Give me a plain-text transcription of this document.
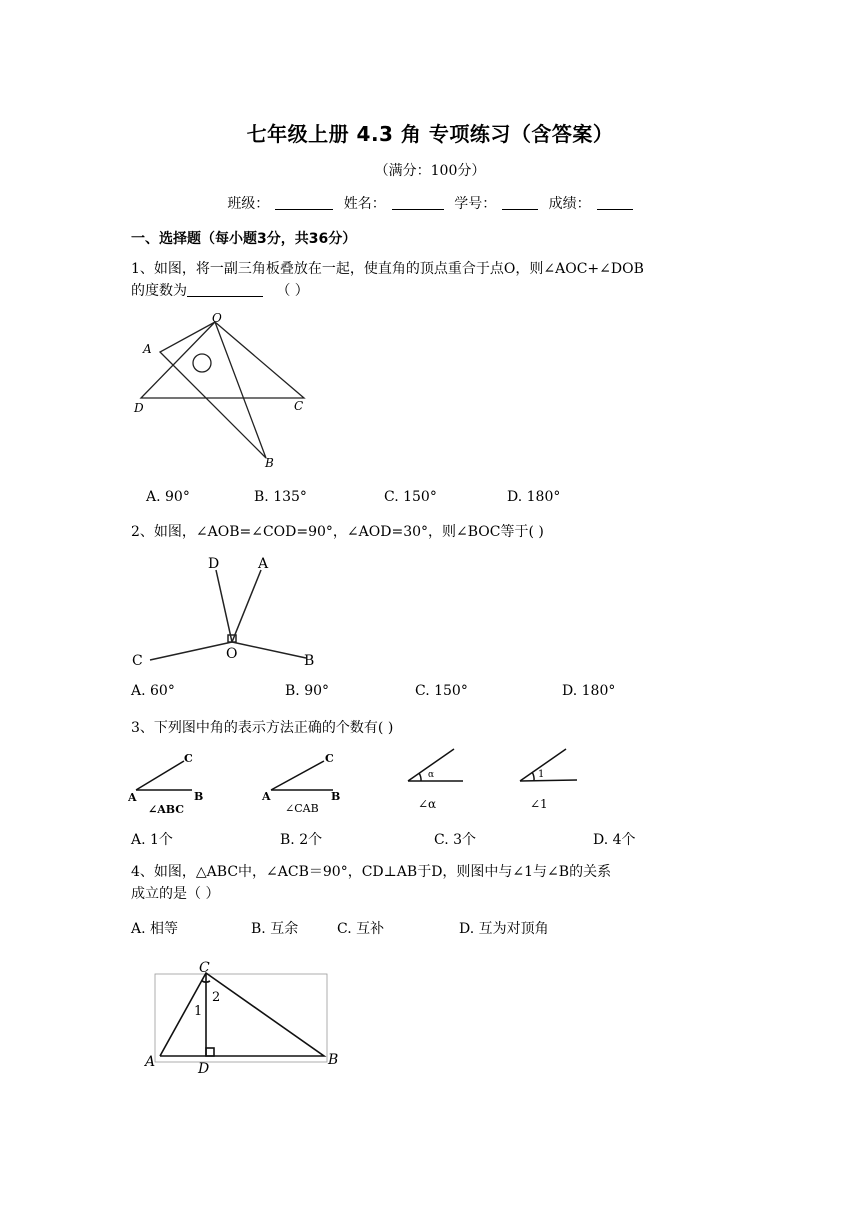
七年级上册 4.3 角 专项练习（含答案）
（满分：100分）
班级：	姓名：	学号：	成绩：
一、选择题（每小题3分，共36分）
1、如图，将一副三角板叠放在一起，使直角的顶点重合于点O，则∠AOC+∠DOB
的度数为	（ ）
O
A
D	C
B
A. 90°	B. 135°	C. 150°	D. 180°
2、如图，∠AOB=∠COD=90°，∠AOD=30°，则∠BOC等于( )
D	A
C	O	B
A. 60°	B. 90°	C. 150°	D. 180°
3、下列图中角的表示方法正确的个数有( )
C
A	B
∠ABC
C
A	B
∠CAB
α
∠α
1
∠1
A. 1个	B. 2个	C. 3个	D. 4个
4、如图，△ABC中，∠ACB＝90°，CD⊥AB于D，则图中与∠1与∠B的关系
成立的是（ ）
A. 相等	B. 互余	C. 互补	D. 互为对顶角
C
A	D
B
1
2
